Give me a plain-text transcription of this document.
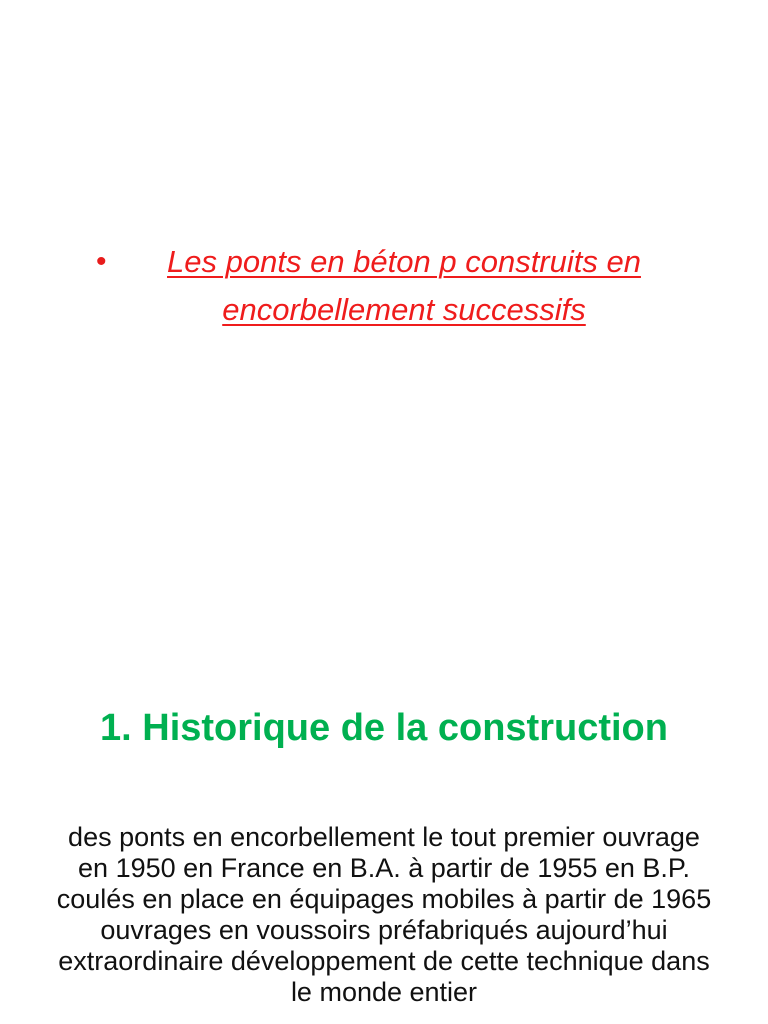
•	Les ponts en béton p construits en encorbellement successifs
1. Historique de la construction

des ponts en encorbellement le tout premier ouvrage en 1950 en France en B.A. à partir de 1955 en B.P. coulés en place en équipages mobiles à partir de 1965 ouvrages en voussoirs préfabriqués aujourd’hui extraordinaire développement de cette technique dans le monde entier
